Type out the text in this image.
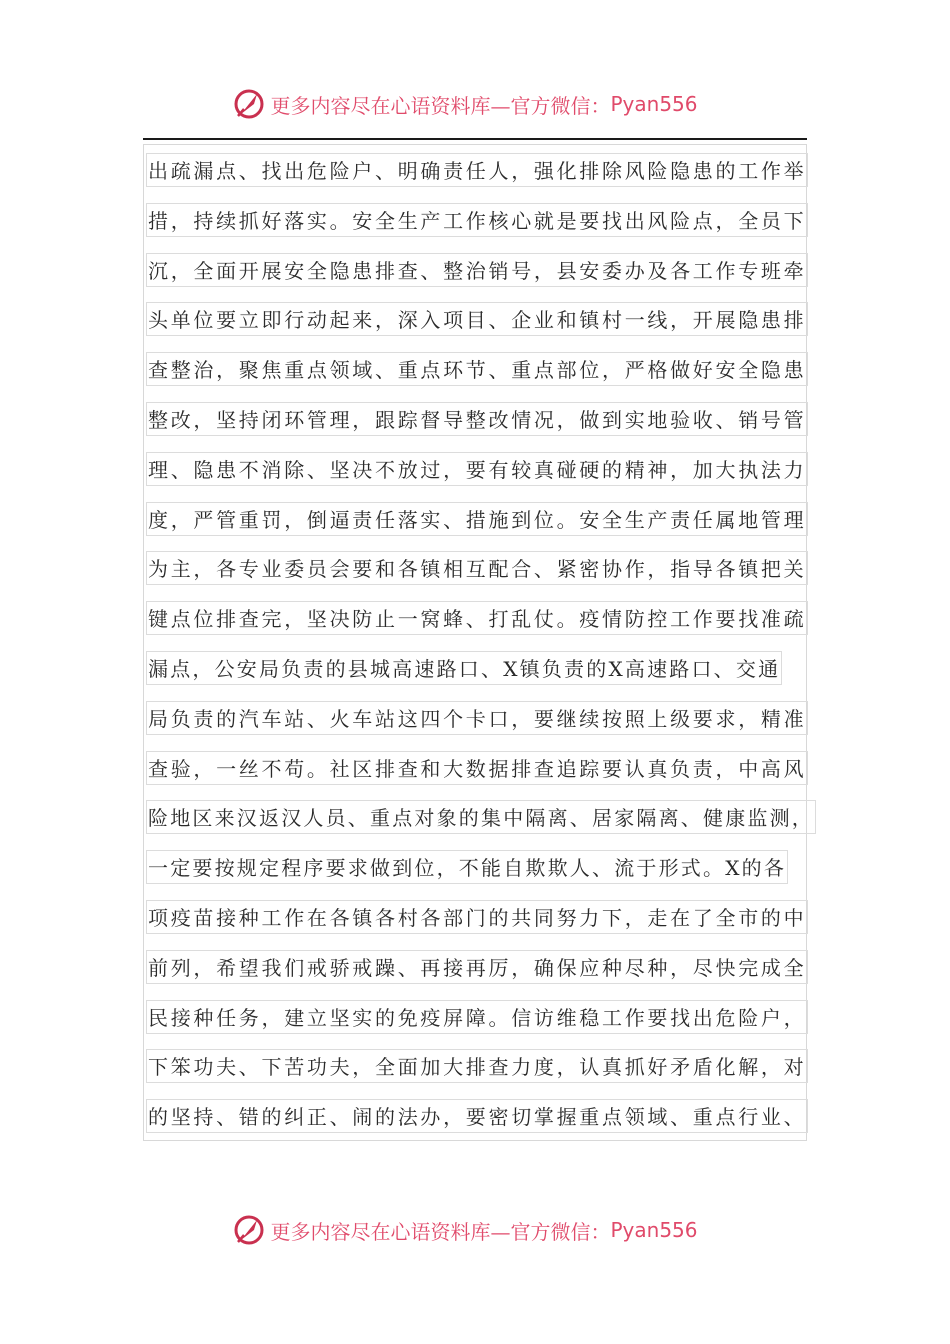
更多内容尽在心语资料库—官方微信： Pyan556
出疏漏点、找出危险户、明确责任人，强化排除风险隐患的工作举
措，持续抓好落实。安全生产工作核心就是要找出风险点，全员下
沉，全面开展安全隐患排查、整治销号，县安委办及各工作专班牵
头单位要立即行动起来，深入项目、企业和镇村一线，开展隐患排
查整治，聚焦重点领域、重点环节、重点部位，严格做好安全隐患
整改，坚持闭环管理，跟踪督导整改情况，做到实地验收、销号管
理、隐患不消除、坚决不放过，要有较真碰硬的精神，加大执法力
度，严管重罚，倒逼责任落实、措施到位。安全生产责任属地管理
为主，各专业委员会要和各镇相互配合、紧密协作，指导各镇把关
键点位排查完，坚决防止一窝蜂、打乱仗。疫情防控工作要找准疏
漏点，公安局负责的县城高速路口、X镇负责的X高速路口、交通
局负责的汽车站、火车站这四个卡口，要继续按照上级要求，精准
查验，一丝不苟。社区排查和大数据排查追踪要认真负责，中高风
险地区来汉返汉人员、重点对象的集中隔离、居家隔离、健康监测，
一定要按规定程序要求做到位，不能自欺欺人、流于形式。X的各
项疫苗接种工作在各镇各村各部门的共同努力下，走在了全市的中
前列，希望我们戒骄戒躁、再接再厉，确保应种尽种，尽快完成全
民接种任务，建立坚实的免疫屏障。信访维稳工作要找出危险户，
下笨功夫、下苦功夫，全面加大排查力度，认真抓好矛盾化解，对
的坚持、错的纠正、闹的法办，要密切掌握重点领域、重点行业、
更多内容尽在心语资料库—官方微信： Pyan556
